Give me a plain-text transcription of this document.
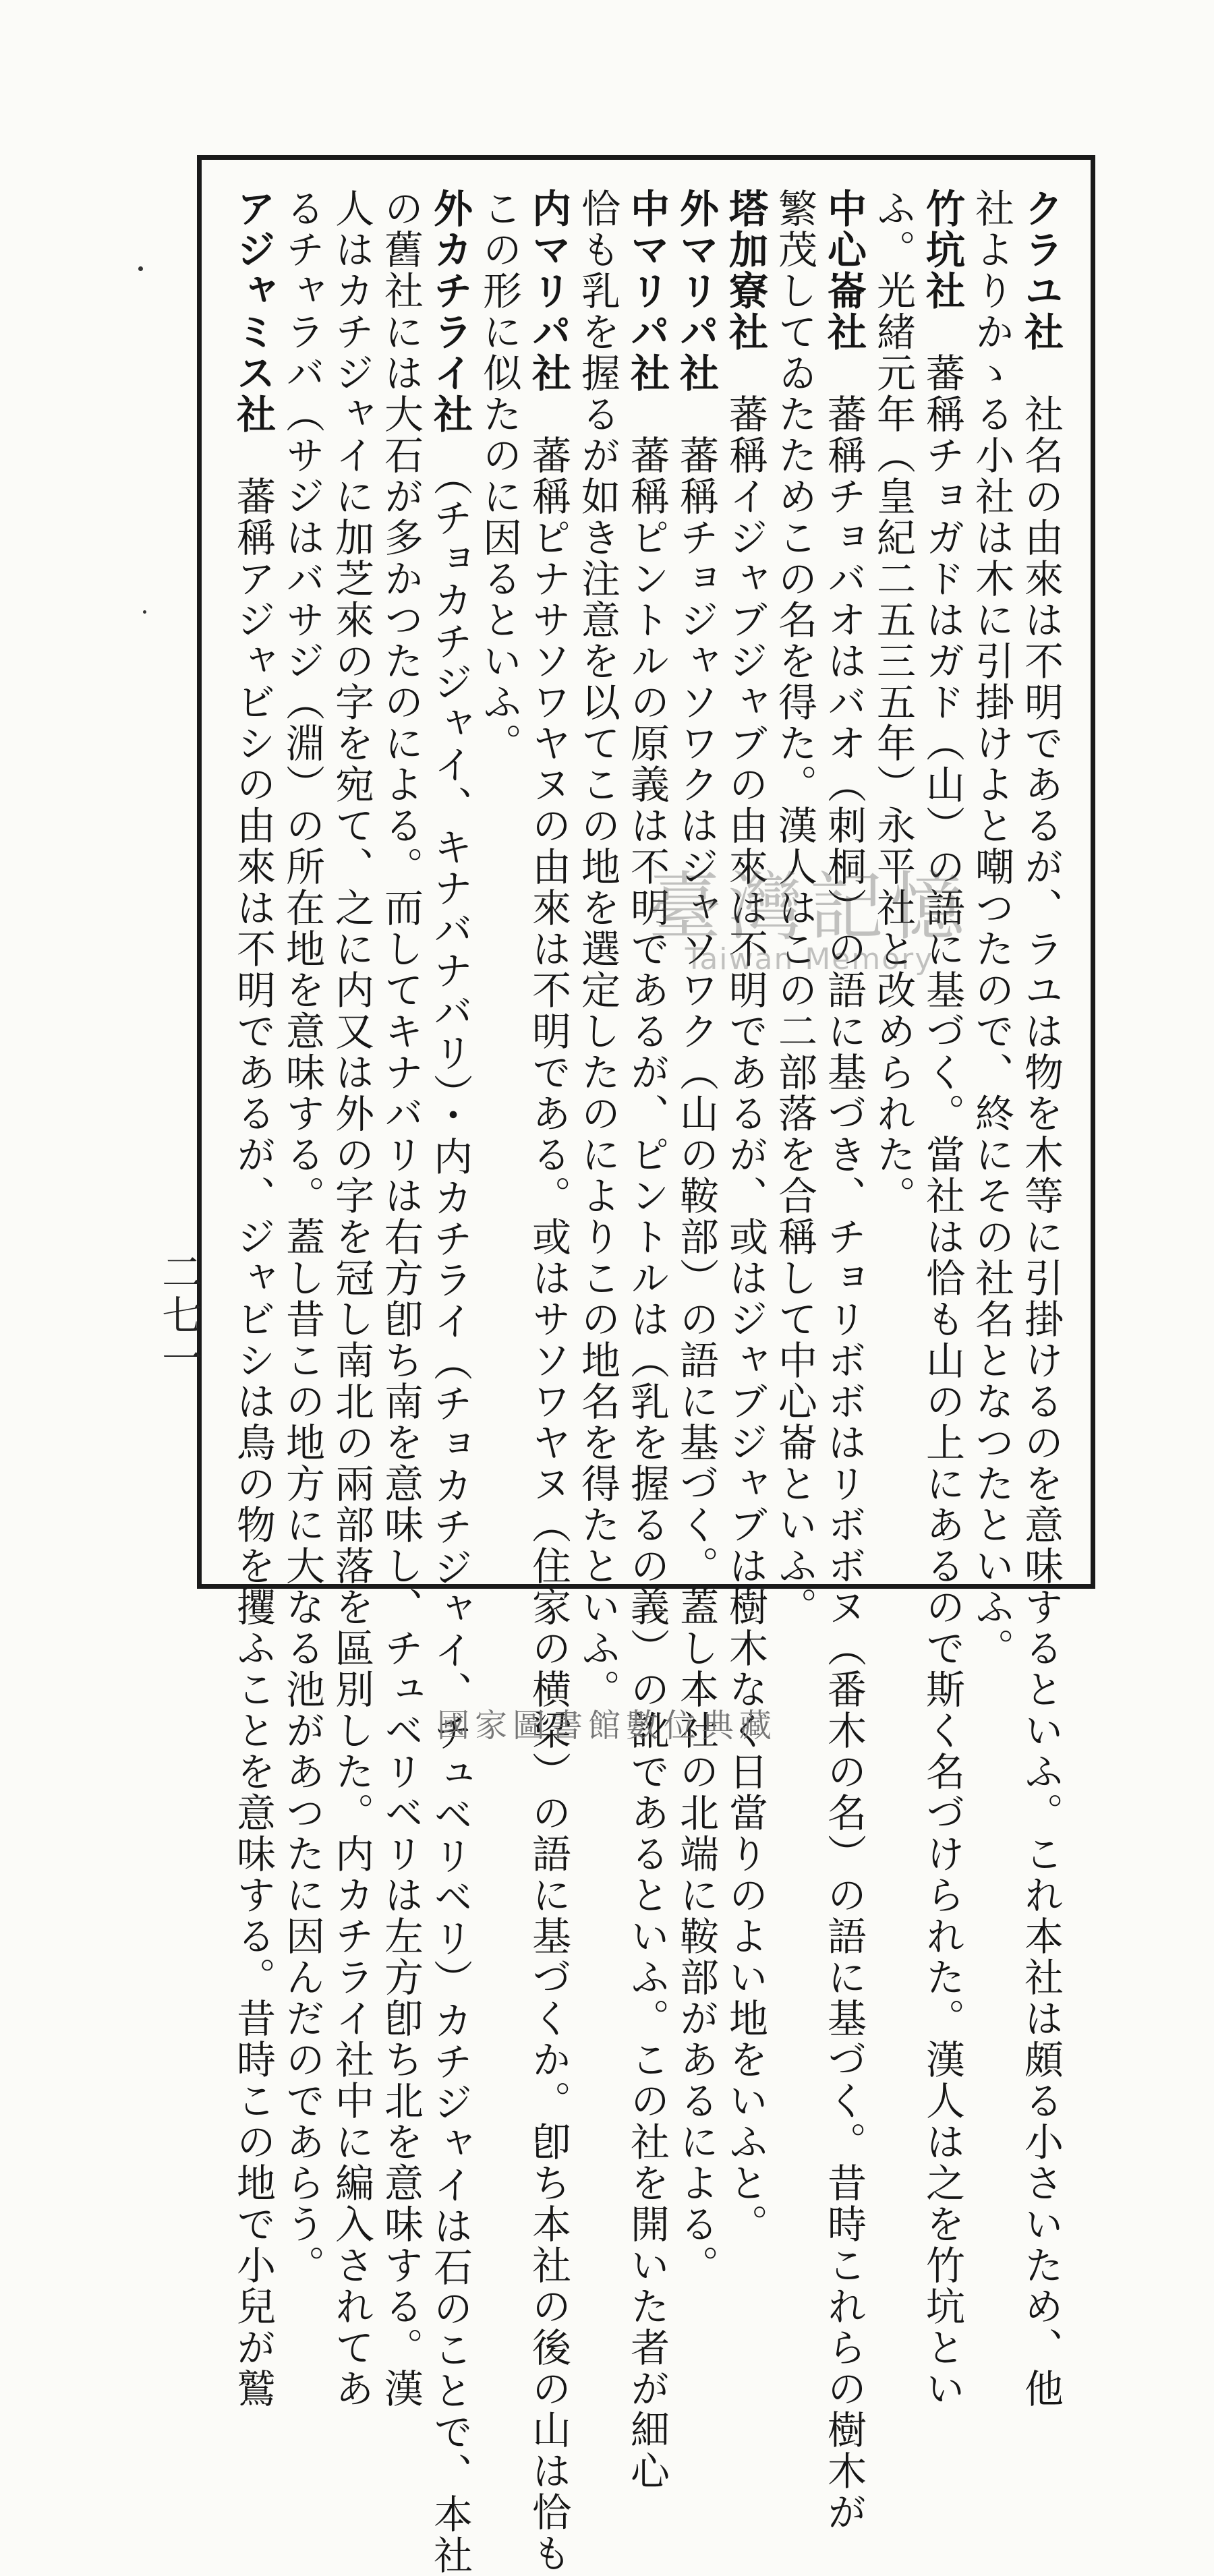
クラユ社　社名の由來は不明であるが、ラユは物を木等に引掛けるのを意味するといふ。これ本社は頗る小さいため、他
社よりかゝる小社は木に引掛けよと嘲つたので、終にその社名となつたといふ。
竹坑社　蕃稱チョガドはガド（山）の語に基づく。當社は恰も山の上にあるので斯く名づけられた。漢人は之を竹坑とい
ふ。光緒元年（皇紀二五三五年）永平社と改められた。
中心崙社　蕃稱チョバオはバオ（刺桐）の語に基づき、チョリボボはリボボヌ（番木の名）の語に基づく。昔時これらの樹木が
繁茂してゐたためこの名を得た。漢人はこの二部落を合稱して中心崙といふ。
塔加寮社　蕃稱イジャブジャブの由來は不明であるが、或はジャブジャブは樹木なく日當りのよい地をいふと。
外マリパ社　蕃稱チョジャソワクはジャソワク（山の鞍部）の語に基づく。蓋し本社の北端に鞍部があるによる。
中マリパ社　蕃稱ピントルの原義は不明であるが、ピントルは（乳を握るの義）の訛であるといふ。この社を開いた者が細心
恰も乳を握るが如き注意を以てこの地を選定したのによりこの地名を得たといふ。
内マリパ社　蕃稱ピナサソワヤヌの由來は不明である。或はサソワヤヌ（住家の横梁）の語に基づくか。卽ち本社の後の山は恰も
この形に似たのに因るといふ。
外カチライ社　（チョカチジャイ、キナバナバリ）・内カチライ（チョカチジャイ、チュベリベリ）カチジャイは石のことで、本社
の舊社には大石が多かつたのによる。而してキナバリは右方卽ち南を意味し、チュベリベリは左方卽ち北を意味する。漢
人はカチジャイに加芝來の字を宛て、之に内又は外の字を冠し南北の兩部落を區別した。内カチライ社中に編入されてあ
るチャラバ（サジはバサジ（淵）の所在地を意味する。蓋し昔この地方に大なる池があつたに因んだのであらう。
アジャミス社　蕃稱アジャビシの由來は不明であるが、ジャビシは鳥の物を攫ふことを意味する。昔時この地で小兒が鷲
二七一
臺灣記憶
Taiwan Memory
國家圖書館數位典藏
